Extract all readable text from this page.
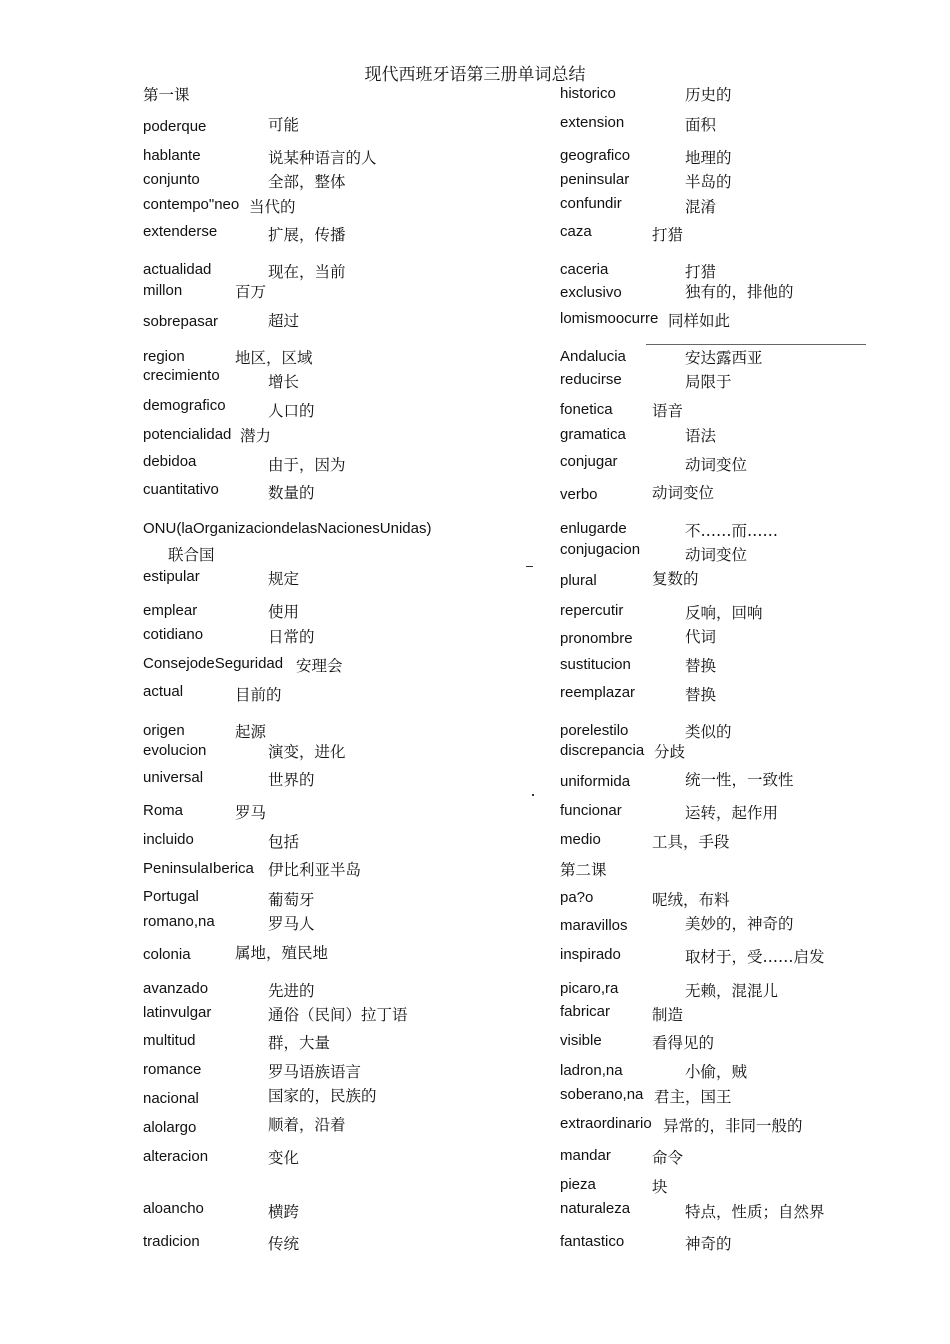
现代西班牙语第三册单词总结
第一课
poderque	可能
hablante	说某种语言的人
conjunto	全部，整体
contempo"neo 当代的
extenderse	扩展，传播
actualidad	现在，当前
millon	百万
sobrepasar	超过
region	地区，区域
crecimiento	增长
demografico	人口的
potencialidad 潜力
debidoa	由于，因为
cuantitativo	数量的
ONU(laOrganizaciondelasNacionesUnidas)
联合国
estipular	规定
emplear	使用
cotidiano	日常的
ConsejodeSeguridad 安理会
actual	目前的
origen	起源
evolucion	演变，进化
universal	世界的
Roma	罗马
incluido	包括
PeninsulaIberica 伊比利亚半岛
Portugal	葡萄牙
romano,na	罗马人
colonia	属地，殖民地
avanzado	先进的
latinvulgar	通俗（民间）拉丁语
multitud	群，大量
romance	罗马语族语言
nacional	国家的，民族的
alolargo	顺着，沿着
alteracion	变化
aloancho	横跨
tradicion	传统
historico	历史的
extension	面积
geografico	地理的
peninsular	半岛的
confundir	混淆
caza	打猎
caceria	打猎
exclusivo	独有的，排他的
lomismoocurre 同样如此
Andalucia	安达露西亚
reducirse	局限于
fonetica	语音
gramatica	语法
conjugar	动词变位
verbo	动词变位
enlugarde	不……而……
conjugacion	动词变位
plural	复数的
repercutir	反响，回响
pronombre	代词
sustitucion	替换
reemplazar	替换
porelestilo	类似的
discrepancia 分歧
uniformida	统一性，一致性
funcionar	运转，起作用
medio	工具，手段
第二课
pa?o	呢绒，布料
maravillos	美妙的，神奇的
inspirado	取材于，受……启发
picaro,ra	无赖，混混儿
fabricar	制造
visible	看得见的
ladron,na	小偷，贼
soberano,na 君主，国王
extraordinario 异常的，非同一般的
mandar	命令
pieza	块
naturaleza	特点，性质；自然界
fantastico	神奇的
